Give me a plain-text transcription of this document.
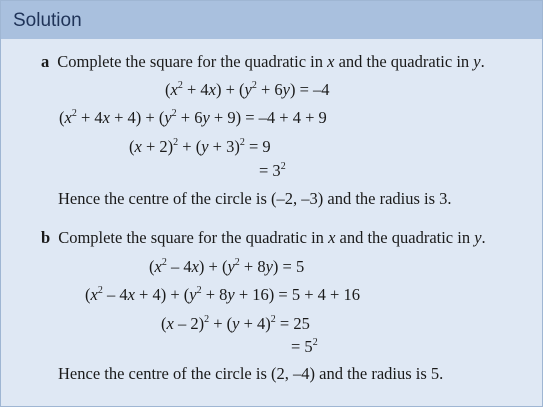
Solution
a Complete the square for the quadratic in x and the quadratic in y.
$(x^2 + 4x) + (y^2 + 6y) = -4$
$(x^2 + 4x + 4) + (y^2 + 6y + 9) = -4 + 4 + 9$
$(x + 2)^2 + (y + 3)^2 = 9$
= $3^2$
Hence the centre of the circle is (–2, –3) and the radius is 3.
b Complete the square for the quadratic in x and the quadratic in y.
$(x^2 - 4x) + (y^2 + 8y) = 5$
$(x^2 - 4x + 4) + (y^2 + 8y + 16) = 5 + 4 + 16$
$(x - 2)^2 + (y + 4)^2 = 25$
= $5^2$
Hence the centre of the circle is (2, –4) and the radius is 5.
